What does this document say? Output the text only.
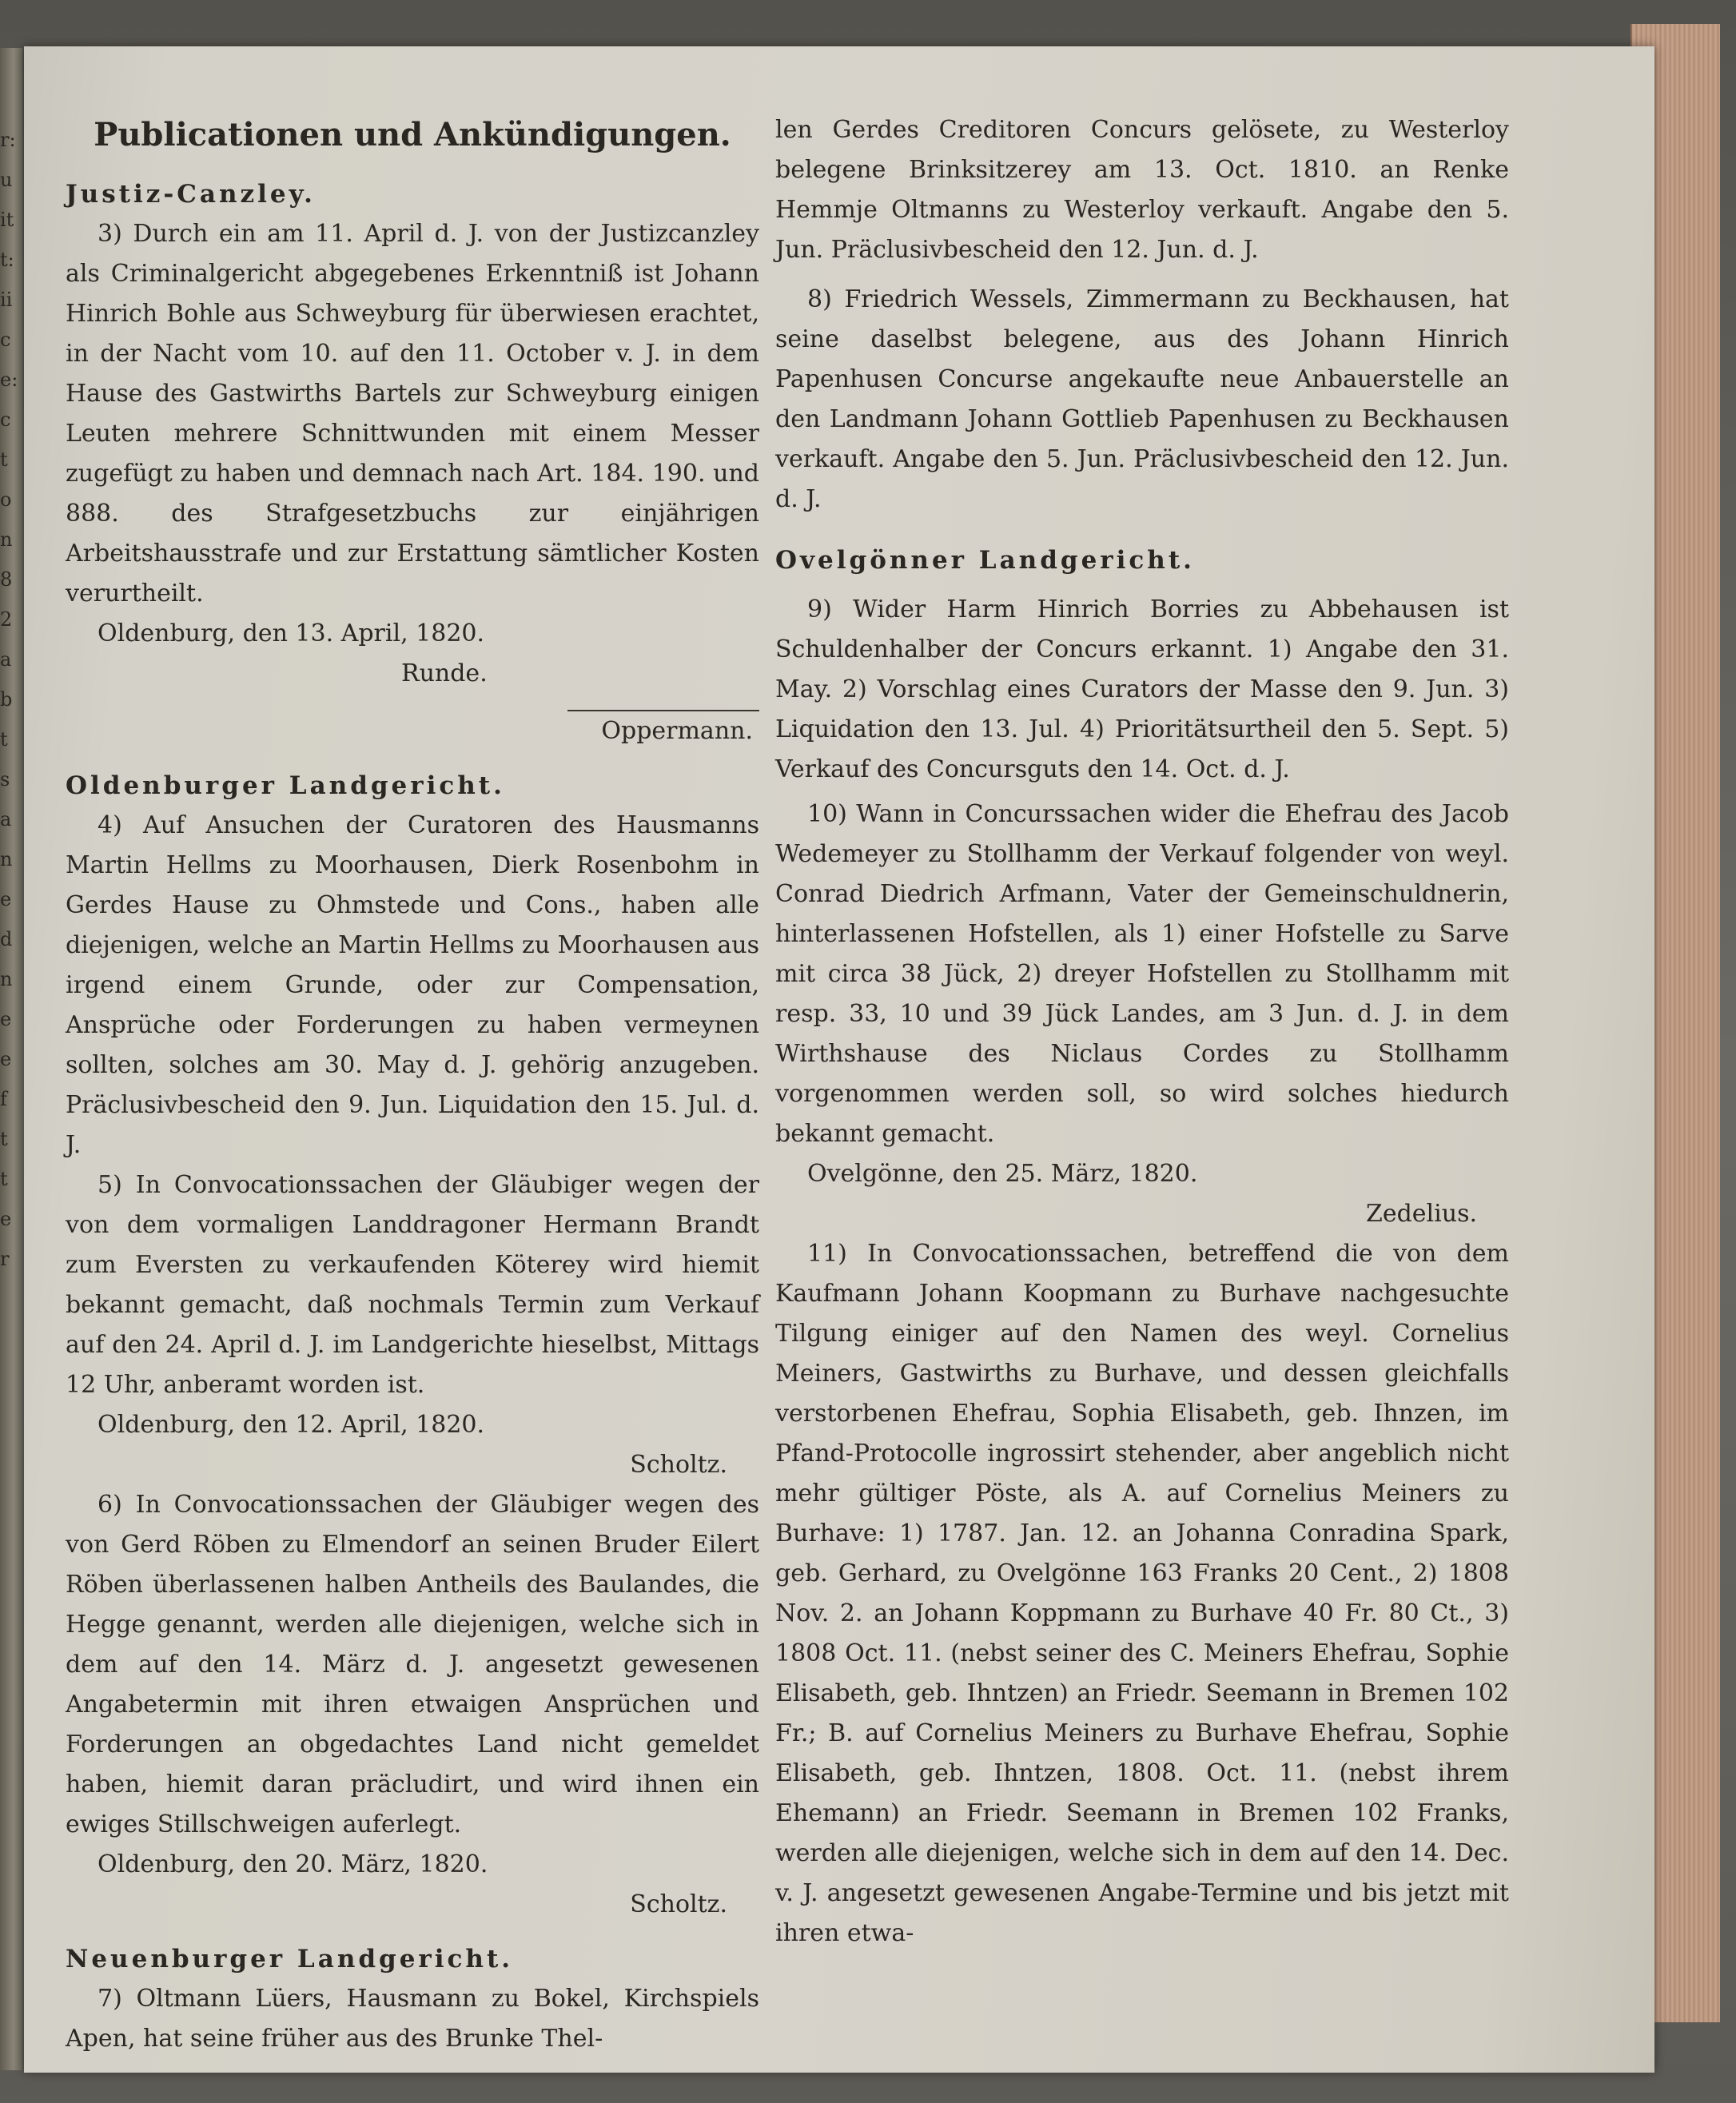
r:
u
it
t:
ii
c
e:
c
t
o
n
8
2
a
b
t
s
a
n
e
d
n
e
e
f
t
t
e
r
Publicationen und Ankündigungen.
Justiz-Canzley.

3) Durch ein am 11. April d. J. von der Justizcanzley als Criminalgericht abgegebenes Erkenntniß ist Johann Hinrich Bohle aus Schweyburg für überwiesen erachtet, in der Nacht vom 10. auf den 11. October v. J. in dem Hause des Gastwirths Bartels zur Schweyburg einigen Leuten mehrere Schnittwunden mit einem Messer zugefügt zu haben und demnach nach Art. 184. 190. und 888. des Strafgesetzbuchs zur einjährigen Arbeitshausstrafe und zur Erstattung sämtlicher Kosten verurtheilt.

Oldenburg, den 13. April, 1820.

Runde.

Oppermann.

Oldenburger Landgericht.

4) Auf Ansuchen der Curatoren des Hausmanns Martin Hellms zu Moorhausen, Dierk Rosenbohm in Gerdes Hause zu Ohmstede und Cons., haben alle diejenigen, welche an Martin Hellms zu Moorhausen aus irgend einem Grunde, oder zur Compensation, Ansprüche oder Forderungen zu haben vermeynen sollten, solches am 30. May d. J. gehörig anzugeben. Präclusivbescheid den 9. Jun. Liquidation den 15. Jul. d. J.

5) In Convocationssachen der Gläubiger wegen der von dem vormaligen Landdragoner Hermann Brandt zum Eversten zu verkaufenden Köterey wird hiemit bekannt gemacht, daß nochmals Termin zum Verkauf auf den 24. April d. J. im Landgerichte hieselbst, Mittags 12 Uhr, anberamt worden ist.

Oldenburg, den 12. April, 1820.

Scholtz.

6) In Convocationssachen der Gläubiger wegen des von Gerd Röben zu Elmendorf an seinen Bruder Eilert Röben überlassenen halben Antheils des Baulandes, die Hegge genannt, werden alle diejenigen, welche sich in dem auf den 14. März d. J. angesetzt gewesenen Angabetermin mit ihren etwaigen Ansprüchen und Forderungen an obgedachtes Land nicht gemeldet haben, hiemit daran präcludirt, und wird ihnen ein ewiges Stillschweigen auferlegt.

Oldenburg, den 20. März, 1820.

Scholtz.

Neuenburger Landgericht.

7) Oltmann Lüers, Hausmann zu Bokel, Kirchspiels Apen, hat seine früher aus des Brunke Thel-

len Gerdes Creditoren Concurs gelösete, zu Westerloy belegene Brinksitzerey am 13. Oct. 1810. an Renke Hemmje Oltmanns zu Westerloy verkauft. Angabe den 5. Jun. Präclusivbescheid den 12. Jun. d. J.

8) Friedrich Wessels, Zimmermann zu Beckhausen, hat seine daselbst belegene, aus des Johann Hinrich Papenhusen Concurse angekaufte neue Anbauerstelle an den Landmann Johann Gottlieb Papenhusen zu Beckhausen verkauft. Angabe den 5. Jun. Präclusivbescheid den 12. Jun. d. J.

Ovelgönner Landgericht.

9) Wider Harm Hinrich Borries zu Abbehausen ist Schuldenhalber der Concurs erkannt. 1) Angabe den 31. May. 2) Vorschlag eines Curators der Masse den 9. Jun. 3) Liquidation den 13. Jul. 4) Prioritätsurtheil den 5. Sept. 5) Verkauf des Concursguts den 14. Oct. d. J.

10) Wann in Concurssachen wider die Ehefrau des Jacob Wedemeyer zu Stollhamm der Verkauf folgender von weyl. Conrad Diedrich Arfmann, Vater der Gemeinschuldnerin, hinterlassenen Hofstellen, als 1) einer Hofstelle zu Sarve mit circa 38 Jück, 2) dreyer Hofstellen zu Stollhamm mit resp. 33, 10 und 39 Jück Landes, am 3 Jun. d. J. in dem Wirthshause des Niclaus Cordes zu Stollhamm vorgenommen werden soll, so wird solches hiedurch bekannt gemacht.

Ovelgönne, den 25. März, 1820.

Zedelius.

11) In Convocationssachen, betreffend die von dem Kaufmann Johann Koopmann zu Burhave nachgesuchte Tilgung einiger auf den Namen des weyl. Cornelius Meiners, Gastwirths zu Burhave, und dessen gleichfalls verstorbenen Ehefrau, Sophia Elisabeth, geb. Ihnzen, im Pfand-Protocolle ingrossirt stehender, aber angeblich nicht mehr gültiger Pöste, als A. auf Cornelius Meiners zu Burhave: 1) 1787. Jan. 12. an Johanna Conradina Spark, geb. Gerhard, zu Ovelgönne 163 Franks 20 Cent., 2) 1808 Nov. 2. an Johann Koppmann zu Burhave 40 Fr. 80 Ct., 3) 1808 Oct. 11. (nebst seiner des C. Meiners Ehefrau, Sophie Elisabeth, geb. Ihntzen) an Friedr. Seemann in Bremen 102 Fr.; B. auf Cornelius Meiners zu Burhave Ehefrau, Sophie Elisabeth, geb. Ihntzen, 1808. Oct. 11. (nebst ihrem Ehemann) an Friedr. Seemann in Bremen 102 Franks, werden alle diejenigen, welche sich in dem auf den 14. Dec. v. J. angesetzt gewesenen Angabe-Termine und bis jetzt mit ihren etwa-
